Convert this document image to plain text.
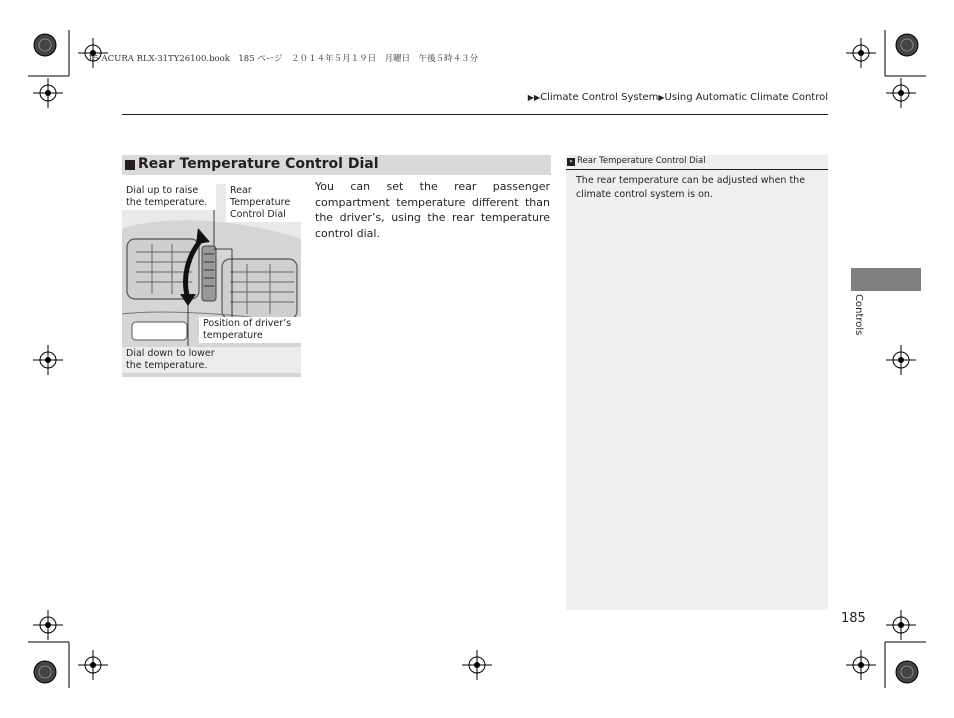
15 ACURA RLX-31TY26100.book　185 ページ　２０１４年５月１９日　月曜日　午後５時４３分
▶▶Climate Control System▶Using Automatic Climate Control
Rear Temperature Control Dial
Dial up to raise
the temperature.
Rear
Temperature
Control Dial
Position of driver’s
temperature
Dial down to lower
the temperature.
You can set the rear passenger compartment temperature different than the driver’s, using the rear temperature control dial.
» Rear Temperature Control Dial
The rear temperature can be adjusted when the climate control system is on.
Controls
185
